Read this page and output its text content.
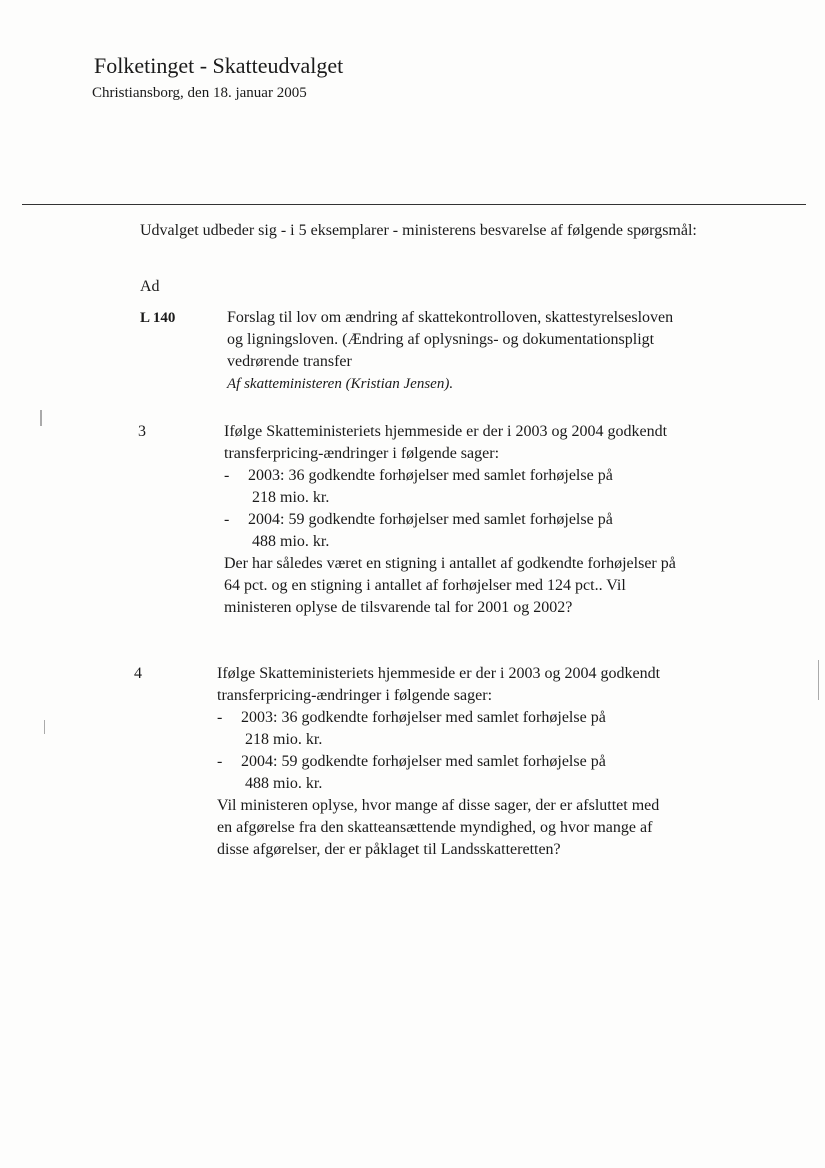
Folketinget - Skatteudvalget
Christiansborg, den 18. januar 2005
Udvalget udbeder sig - i 5 eksemplarer - ministerens besvarelse af følgende spørgsmål:
Ad
L 140	Forslag til lov om ændring af skattekontrolloven, skattestyrelsesloven og ligningsloven. (Ændring af oplysnings- og dokumentationspligt vedrørende transfer
Af skatteministeren (Kristian Jensen).
3	Ifølge Skatteministeriets hjemmeside er der i 2003 og 2004 godkendt transferpricing-ændringer i følgende sager:

-	2003: 36 godkendte forhøjelser med samlet forhøjelse på
218 mio. kr.
-	2004: 59 godkendte forhøjelser med samlet forhøjelse på
488 mio. kr.

Der har således været en stigning i antallet af godkendte forhøjelser på 64 pct. og en stigning i antallet af forhøjelser med 124 pct.. Vil ministeren oplyse de tilsvarende tal for 2001 og 2002?

4	Ifølge Skatteministeriets hjemmeside er der i 2003 og 2004 godkendt transferpricing-ændringer i følgende sager:

-	2003: 36 godkendte forhøjelser med samlet forhøjelse på
218 mio. kr.
-	2004: 59 godkendte forhøjelser med samlet forhøjelse på
488 mio. kr.

Vil ministeren oplyse, hvor mange af disse sager, der er afsluttet med en afgørelse fra den skatteansættende myndighed, og hvor mange af disse afgørelser, der er påklaget til Landsskatteretten?
